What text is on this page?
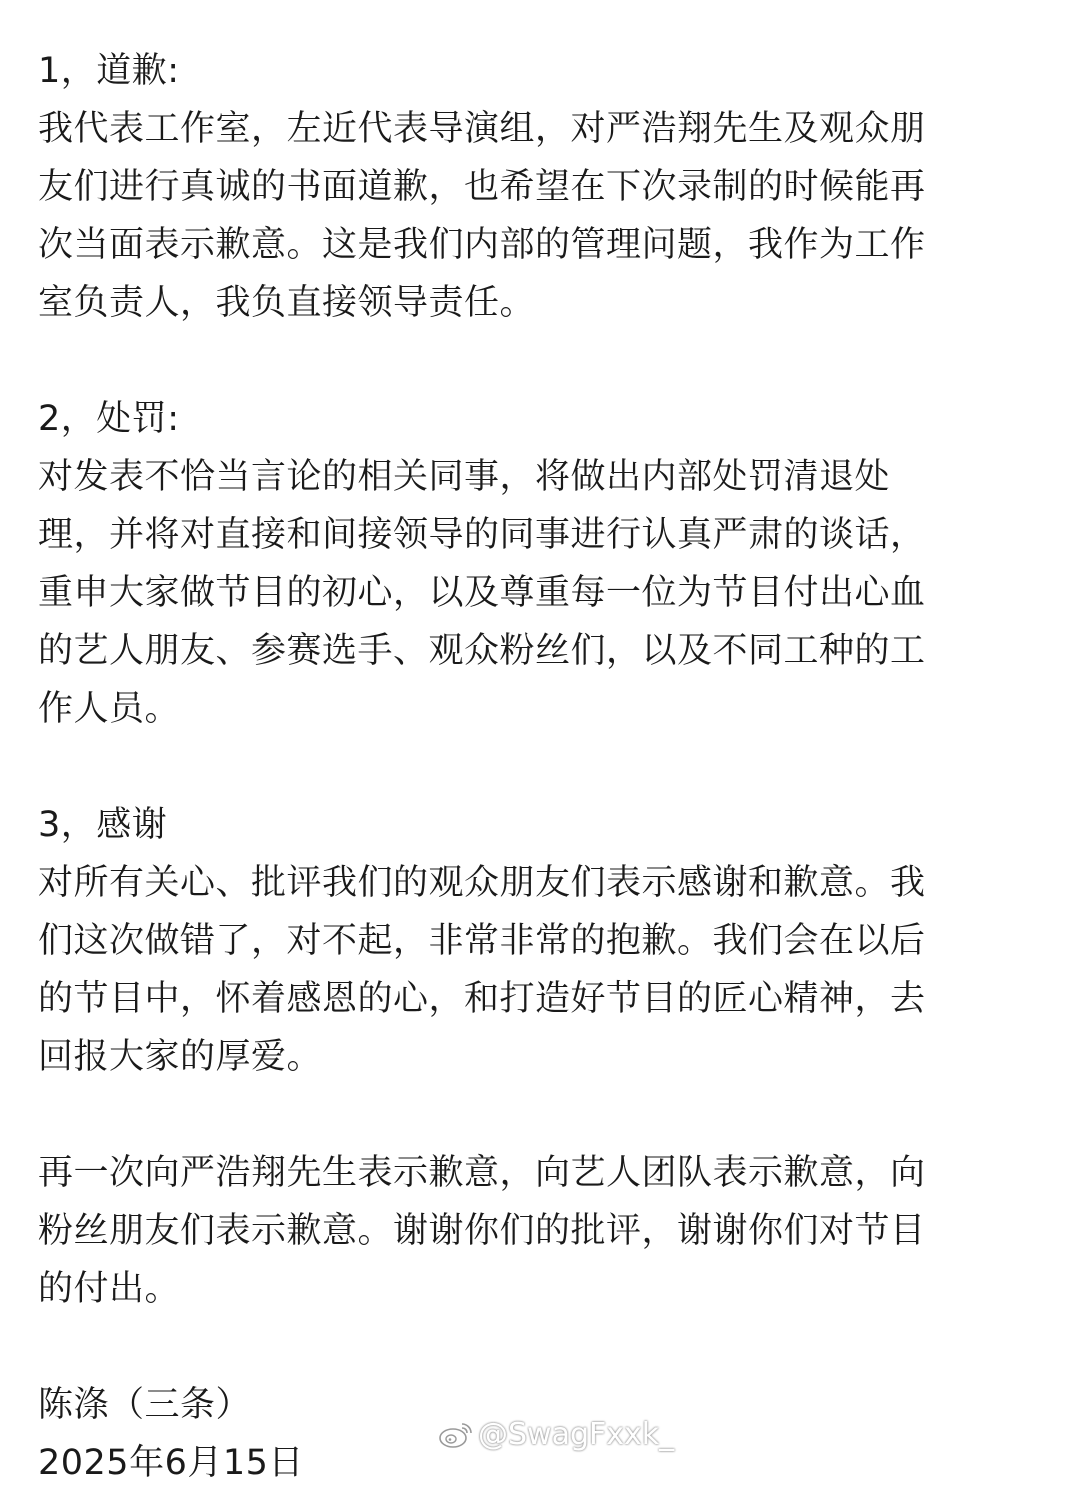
1，道歉:
我代表工作室，左近代表导演组，对严浩翔先生及观众朋
友们进行真诚的书面道歉，也希望在下次录制的时候能再
次当面表示歉意。这是我们内部的管理问题，我作为工作
室负责人，我负直接领导责任。
2，处罚:
对发表不恰当言论的相关同事，将做出内部处罚清退处
理，并将对直接和间接领导的同事进行认真严肃的谈话，
重申大家做节目的初心，以及尊重每一位为节目付出心血
的艺人朋友、参赛选手、观众粉丝们，以及不同工种的工
作人员。
3，感谢
对所有关心、批评我们的观众朋友们表示感谢和歉意。我
们这次做错了，对不起，非常非常的抱歉。我们会在以后
的节目中，怀着感恩的心，和打造好节目的匠心精神，去
回报大家的厚爱。
再一次向严浩翔先生表示歉意，向艺人团队表示歉意，向
粉丝朋友们表示歉意。谢谢你们的批评，谢谢你们对节目
的付出。
陈涤（三条）
2025年6月15日
@SwagFxxk_
